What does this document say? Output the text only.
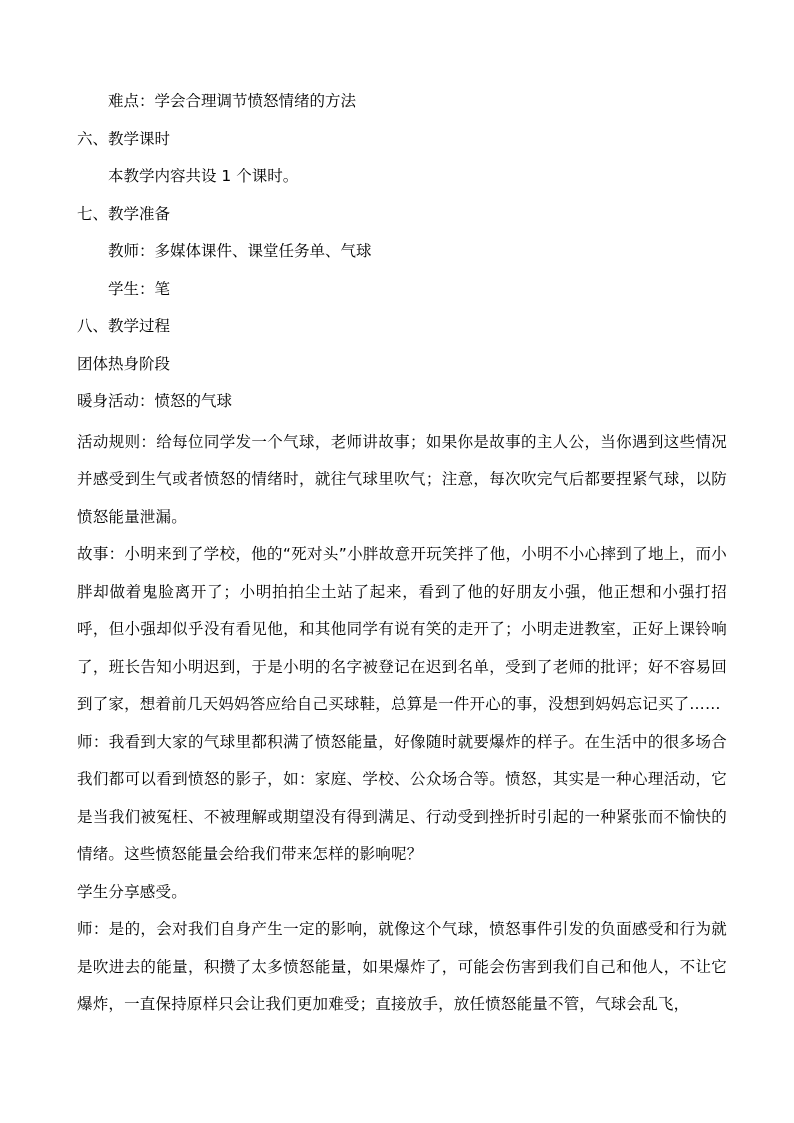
难点：学会合理调节愤怒情绪的方法
六、教学课时
本教学内容共设 1 个课时。
七、教学准备
教师：多媒体课件、课堂任务单、气球
学生：笔
八、教学过程
团体热身阶段
暖身活动：愤怒的气球

活动规则：给每位同学发一个气球，老师讲故事；如果你是故事的主人公，当你遇到这些情况并感受到生气或者愤怒的情绪时，就往气球里吹气；注意，每次吹完气后都要捏紧气球，以防愤怒能量泄漏。

故事：小明来到了学校，他的“死对头”小胖故意开玩笑拌了他，小明不小心摔到了地上，而小胖却做着鬼脸离开了；小明拍拍尘土站了起来，看到了他的好朋友小强，他正想和小强打招呼，但小强却似乎没有看见他，和其他同学有说有笑的走开了；小明走进教室，正好上课铃响了，班长告知小明迟到，于是小明的名字被登记在迟到名单，受到了老师的批评；好不容易回到了家，想着前几天妈妈答应给自己买球鞋，总算是一件开心的事，没想到妈妈忘记买了……

师：我看到大家的气球里都积满了愤怒能量，好像随时就要爆炸的样子。在生活中的很多场合我们都可以看到愤怒的影子，如：家庭、学校、公众场合等。愤怒，其实是一种心理活动，它是当我们被冤枉、不被理解或期望没有得到满足、行动受到挫折时引起的一种紧张而不愉快的情绪。这些愤怒能量会给我们带来怎样的影响呢？

学生分享感受。

师：是的，会对我们自身产生一定的影响，就像这个气球，愤怒事件引发的负面感受和行为就是吹进去的能量，积攒了太多愤怒能量，如果爆炸了，可能会伤害到我们自己和他人，不让它爆炸，一直保持原样只会让我们更加难受；直接放手，放任愤怒能量不管，气球会乱飞，
